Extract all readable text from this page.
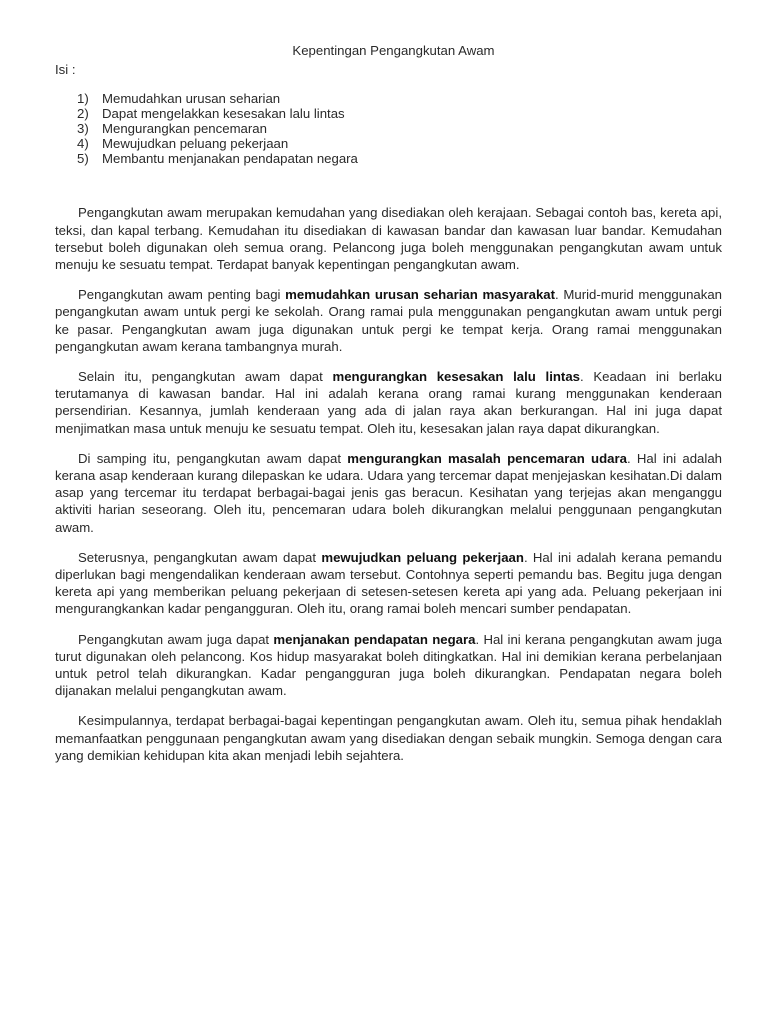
Kepentingan Pengangkutan Awam
Isi :
1)	Memudahkan urusan seharian
2)	Dapat mengelakkan kesesakan lalu lintas
3)	Mengurangkan pencemaran
4)	Mewujudkan peluang pekerjaan
5)	Membantu menjanakan pendapatan negara

Pengangkutan awam merupakan kemudahan yang disediakan oleh kerajaan. Sebagai contoh bas, kereta api, teksi, dan kapal terbang. Kemudahan itu disediakan di kawasan bandar dan kawasan luar bandar. Kemudahan tersebut boleh digunakan oleh semua orang. Pelancong juga boleh menggunakan pengangkutan awam untuk menuju ke sesuatu tempat. Terdapat banyak kepentingan pengangkutan awam.

Pengangkutan awam penting bagi memudahkan urusan seharian masyarakat. Murid-murid menggunakan pengangkutan awam untuk pergi ke sekolah. Orang ramai pula menggunakan pengangkutan awam untuk pergi ke pasar. Pengangkutan awam juga digunakan untuk pergi ke tempat kerja. Orang ramai menggunakan pengangkutan awam kerana tambangnya murah.

Selain itu, pengangkutan awam dapat mengurangkan kesesakan lalu lintas. Keadaan ini berlaku terutamanya di kawasan bandar. Hal ini adalah kerana orang ramai kurang menggunakan kenderaan persendirian. Kesannya, jumlah kenderaan yang ada di jalan raya akan berkurangan. Hal ini juga dapat menjimatkan masa untuk menuju ke sesuatu tempat. Oleh itu, kesesakan jalan raya dapat dikurangkan.

Di samping itu, pengangkutan awam dapat mengurangkan masalah pencemaran udara. Hal ini adalah kerana asap kenderaan kurang dilepaskan ke udara. Udara yang tercemar dapat menjejaskan kesihatan.Di dalam asap yang tercemar itu terdapat berbagai-bagai jenis gas beracun. Kesihatan yang terjejas akan menganggu aktiviti harian seseorang. Oleh itu, pencemaran udara boleh dikurangkan melalui penggunaan pengangkutan awam.

Seterusnya, pengangkutan awam dapat mewujudkan peluang pekerjaan. Hal ini adalah kerana pemandu diperlukan bagi mengendalikan kenderaan awam tersebut. Contohnya seperti pemandu bas. Begitu juga dengan kereta api yang memberikan peluang pekerjaan di setesen-setesen kereta api yang ada. Peluang pekerjaan ini mengurangkankan kadar pengangguran. Oleh itu, orang ramai boleh mencari sumber pendapatan.

Pengangkutan awam juga dapat menjanakan pendapatan negara. Hal ini kerana pengangkutan awam juga turut digunakan oleh pelancong. Kos hidup masyarakat boleh ditingkatkan. Hal ini demikian kerana perbelanjaan untuk petrol telah dikurangkan. Kadar pengangguran juga boleh dikurangkan. Pendapatan negara boleh dijanakan melalui pengangkutan awam.

Kesimpulannya, terdapat berbagai-bagai kepentingan pengangkutan awam. Oleh itu, semua pihak hendaklah memanfaatkan penggunaan pengangkutan awam yang disediakan dengan sebaik mungkin. Semoga dengan cara yang demikian kehidupan kita akan menjadi lebih sejahtera.
